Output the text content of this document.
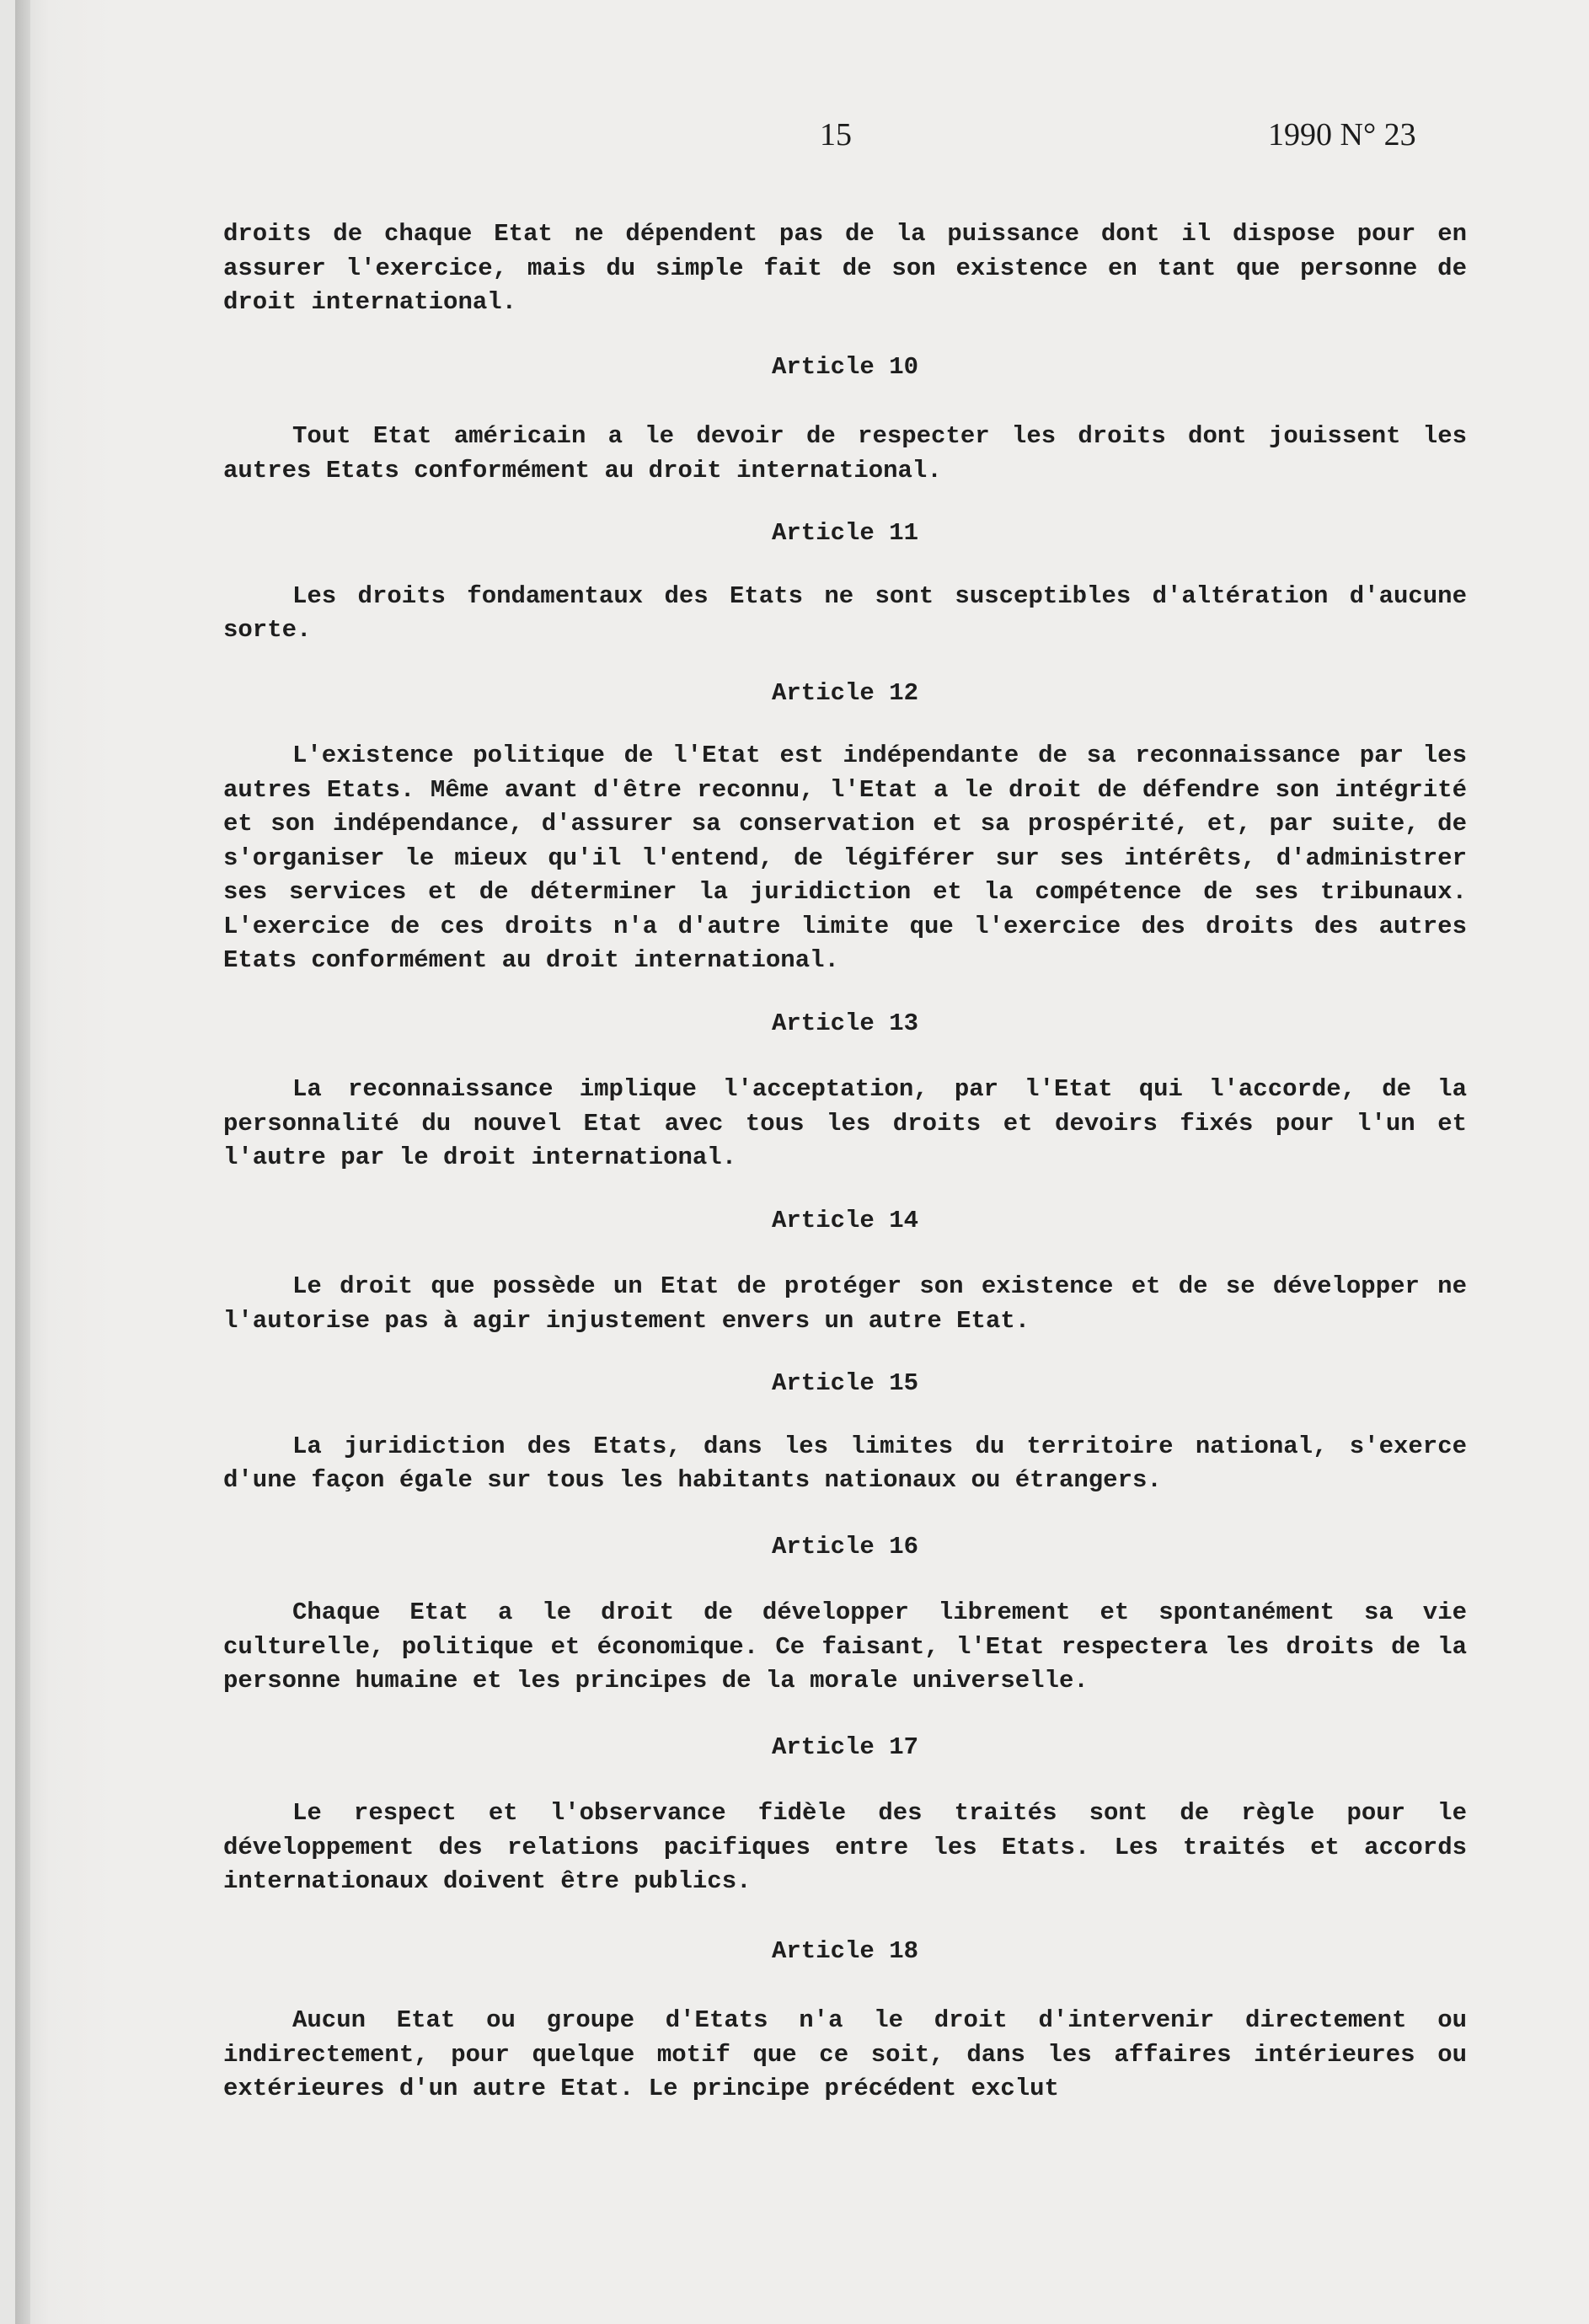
15	1990 N° 23

droits de chaque Etat ne dépendent pas de la puissance dont il dispose pour en assurer l'exercice, mais du simple fait de son existence en tant que personne de droit international.

Article 10

Tout Etat américain a le devoir de respecter les droits dont jouissent les autres Etats conformément au droit international.

Article 11

Les droits fondamentaux des Etats ne sont susceptibles d'altération d'aucune sorte.

Article 12

L'existence politique de l'Etat est indépendante de sa reconnaissance par les autres Etats. Même avant d'être reconnu, l'Etat a le droit de défendre son intégrité et son indépendance, d'assurer sa conservation et sa prospérité, et, par suite, de s'organiser le mieux qu'il l'entend, de légiférer sur ses intérêts, d'administrer ses services et de déterminer la juridiction et la compétence de ses tribunaux. L'exercice de ces droits n'a d'autre limite que l'exercice des droits des autres Etats conformément au droit international.

Article 13

La reconnaissance implique l'acceptation, par l'Etat qui l'accorde, de la personnalité du nouvel Etat avec tous les droits et devoirs fixés pour l'un et l'autre par le droit international.

Article 14

Le droit que possède un Etat de protéger son existence et de se développer ne l'autorise pas à agir injustement envers un autre Etat.

Article 15

La juridiction des Etats, dans les limites du territoire national, s'exerce d'une façon égale sur tous les habitants nationaux ou étrangers.

Article 16

Chaque Etat a le droit de développer librement et spontanément sa vie culturelle, politique et économique. Ce faisant, l'Etat respectera les droits de la personne humaine et les principes de la morale universelle.

Article 17

Le respect et l'observance fidèle des traités sont de règle pour le développement des relations pacifiques entre les Etats. Les traités et accords internationaux doivent être publics.

Article 18

Aucun Etat ou groupe d'Etats n'a le droit d'intervenir directement ou indirectement, pour quelque motif que ce soit, dans les affaires intérieures ou extérieures d'un autre Etat. Le principe précédent exclut
